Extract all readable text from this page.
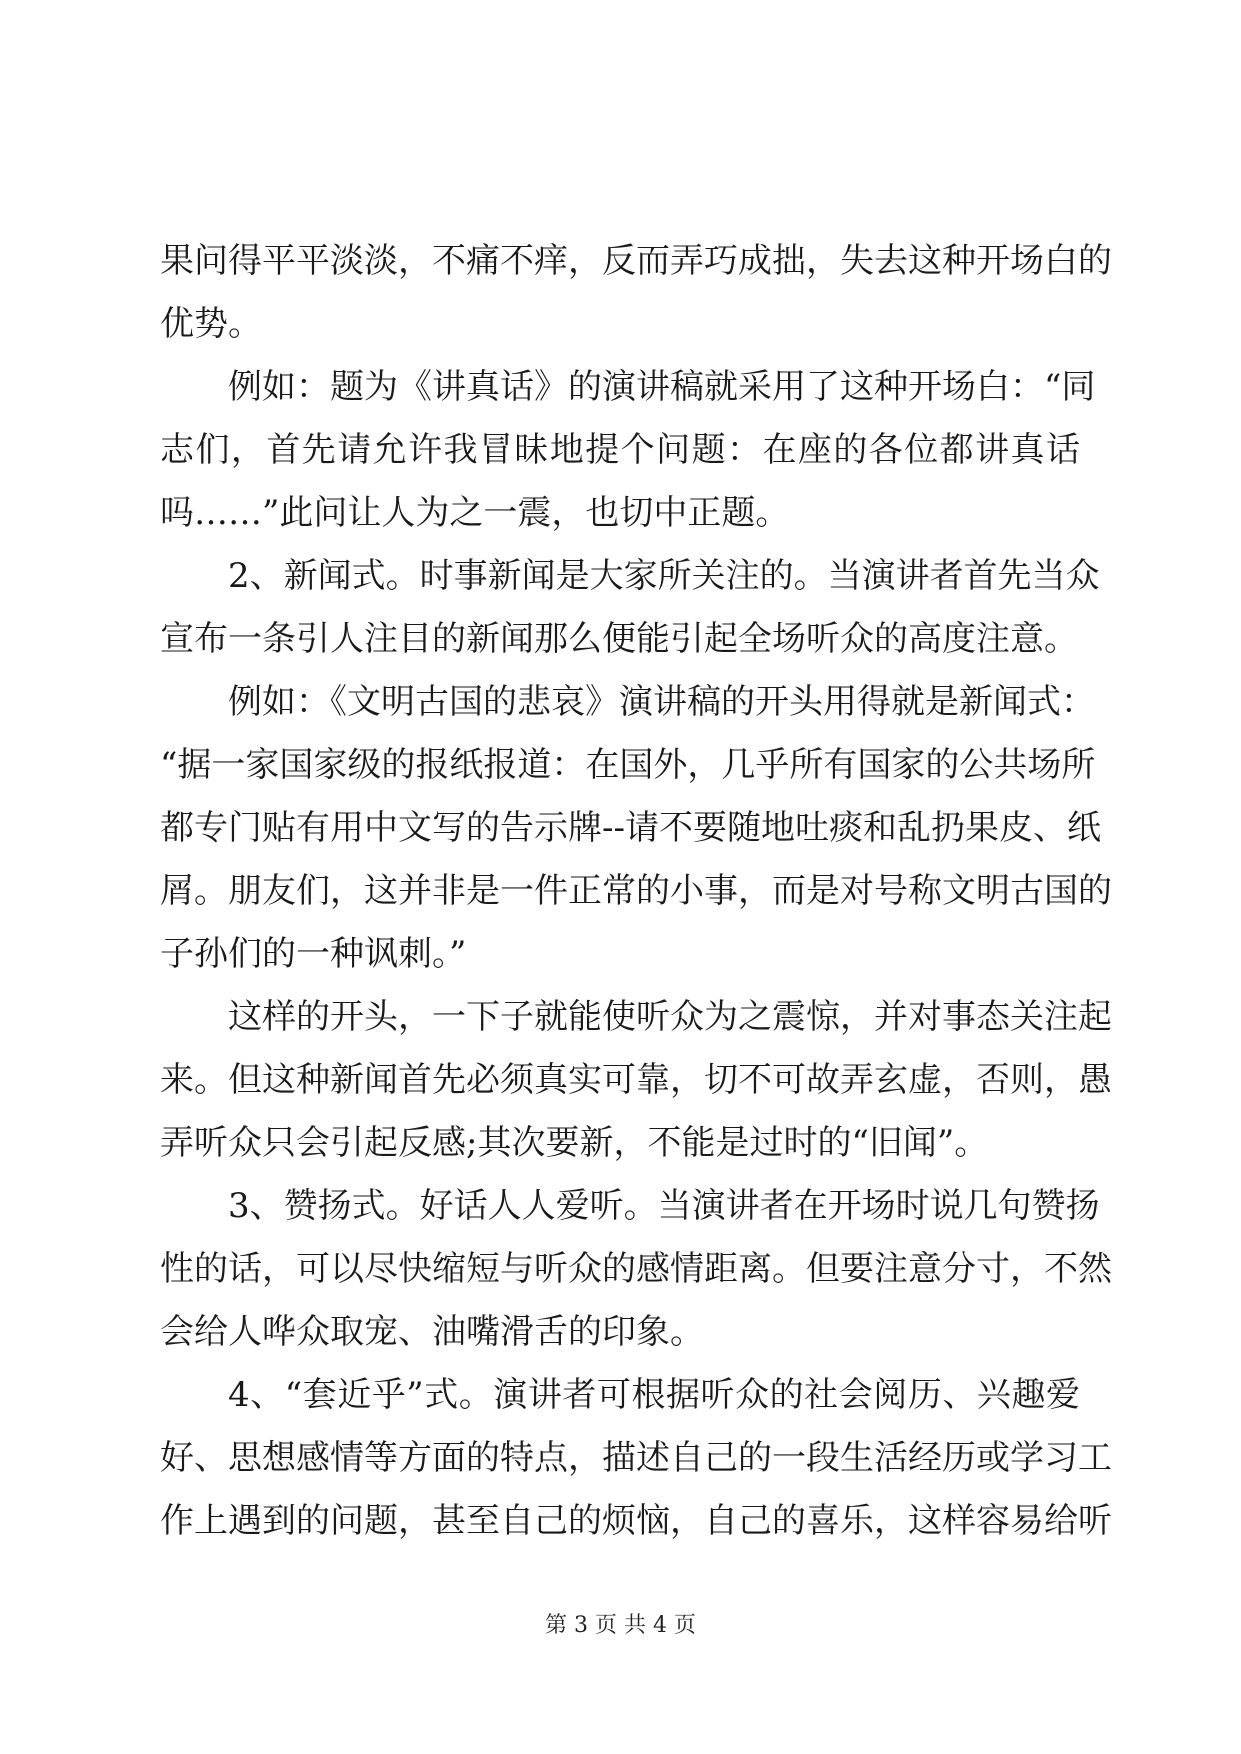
果问得平平淡淡，不痛不痒，反而弄巧成拙，失去这种开场白的
优势。
例如：题为《讲真话》的演讲稿就采用了这种开场白：“同
志们，首先请允许我冒昧地提个问题：在座的各位都讲真话
吗……”此问让人为之一震，也切中正题。
2、新闻式。时事新闻是大家所关注的。当演讲者首先当众
宣布一条引人注目的新闻那么便能引起全场听众的高度注意。
例如：《文明古国的悲哀》演讲稿的开头用得就是新闻式：
“据一家国家级的报纸报道：在国外，几乎所有国家的公共场所
都专门贴有用中文写的告示牌--请不要随地吐痰和乱扔果皮、纸
屑。朋友们，这并非是一件正常的小事，而是对号称文明古国的
子孙们的一种讽刺。”
这样的开头，一下子就能使听众为之震惊，并对事态关注起
来。但这种新闻首先必须真实可靠，切不可故弄玄虚，否则，愚
弄听众只会引起反感;其次要新，不能是过时的“旧闻”。
3、赞扬式。好话人人爱听。当演讲者在开场时说几句赞扬
性的话，可以尽快缩短与听众的感情距离。但要注意分寸，不然
会给人哗众取宠、油嘴滑舌的印象。
4、“套近乎”式。演讲者可根据听众的社会阅历、兴趣爱
好、思想感情等方面的特点，描述自己的一段生活经历或学习工
作上遇到的问题，甚至自己的烦恼，自己的喜乐，这样容易给听
第 3 页 共 4 页
